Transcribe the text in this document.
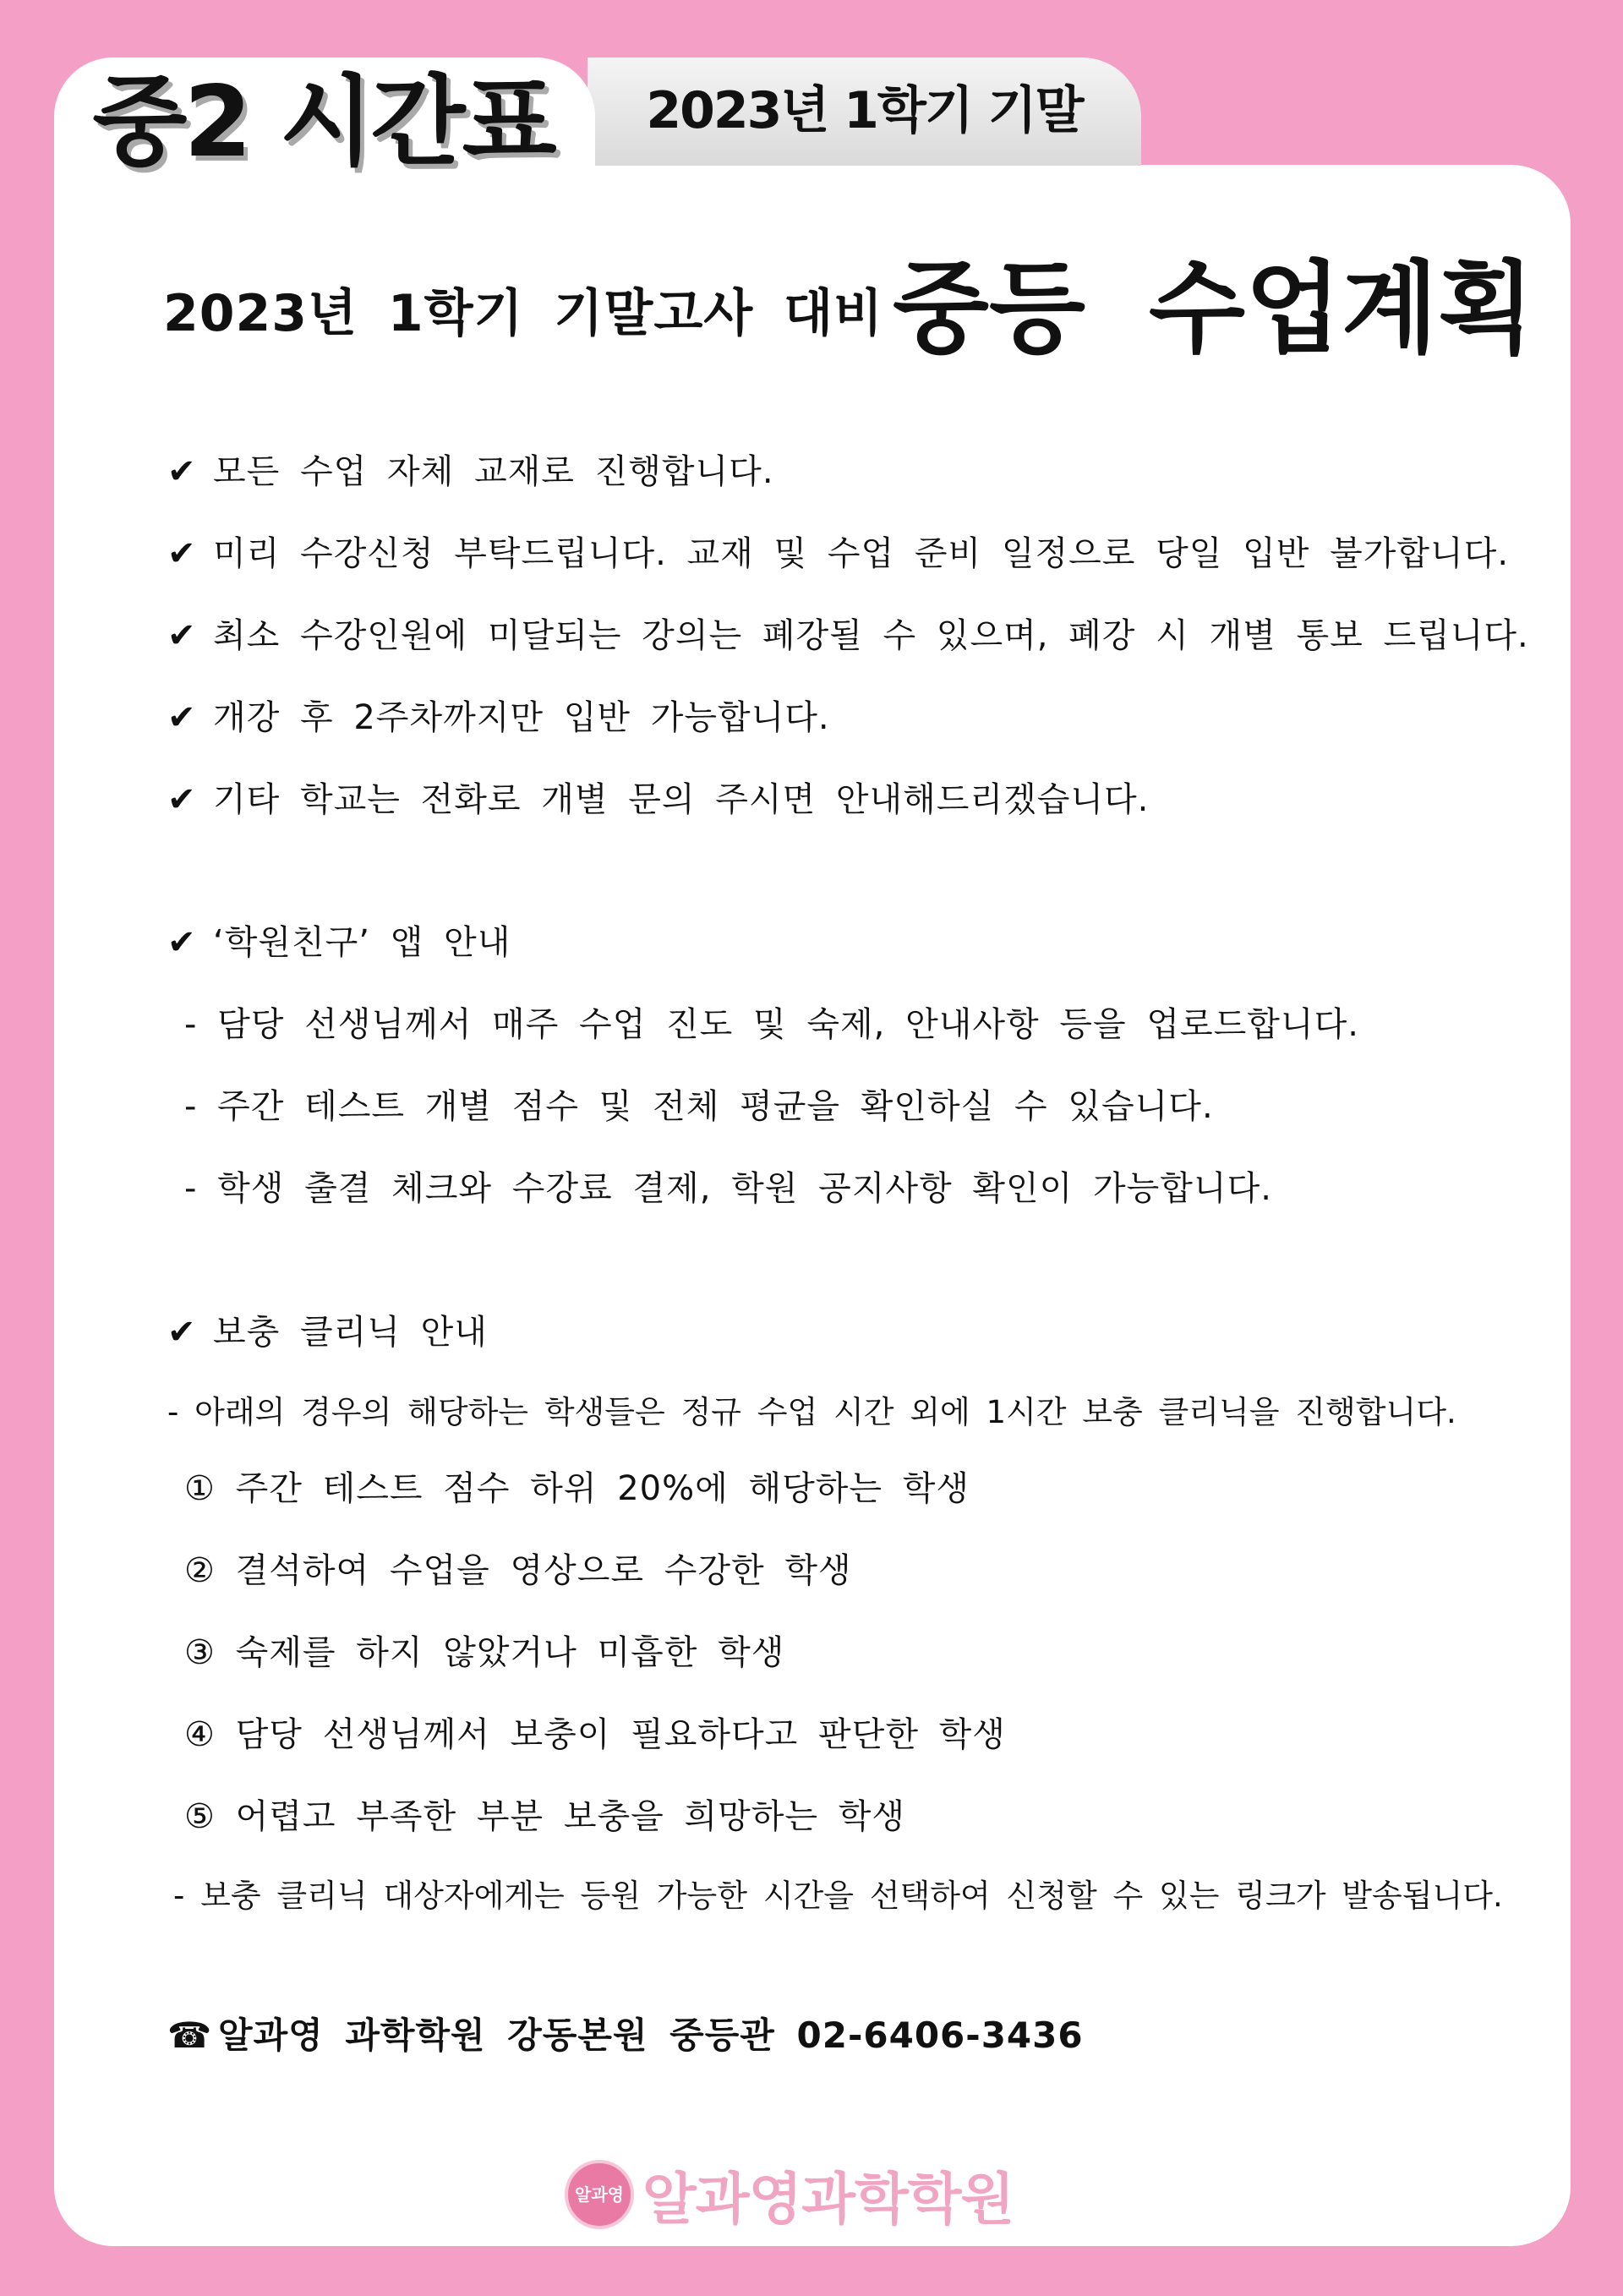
중2 시간표	2023년 1학기 기말
2023년 1학기 기말고사 대비 중등 수업계획
✔ 모든 수업 자체 교재로 진행합니다.
✔ 미리 수강신청 부탁드립니다. 교재 및 수업 준비 일정으로 당일 입반 불가합니다.
✔ 최소 수강인원에 미달되는 강의는 폐강될 수 있으며, 폐강 시 개별 통보 드립니다.
✔ 개강 후 2주차까지만 입반 가능합니다.
✔ 기타 학교는 전화로 개별 문의 주시면 안내해드리겠습니다.
✔ ‘학원친구’ 앱 안내
- 담당 선생님께서 매주 수업 진도 및 숙제, 안내사항 등을 업로드합니다.
- 주간 테스트 개별 점수 및 전체 평균을 확인하실 수 있습니다.
- 학생 출결 체크와 수강료 결제, 학원 공지사항 확인이 가능합니다.
✔ 보충 클리닉 안내
- 아래의 경우의 해당하는 학생들은 정규 수업 시간 외에 1시간 보충 클리닉을 진행합니다.
① 주간 테스트 점수 하위 20%에 해당하는 학생
② 결석하여 수업을 영상으로 수강한 학생
③ 숙제를 하지 않았거나 미흡한 학생
④ 담당 선생님께서 보충이 필요하다고 판단한 학생
⑤ 어렵고 부족한 부분 보충을 희망하는 학생
- 보충 클리닉 대상자에게는 등원 가능한 시간을 선택하여 신청할 수 있는 링크가 발송됩니다.
☎ 알과영 과학학원 강동본원 중등관 02-6406-3436
알과영 알과영과학학원
